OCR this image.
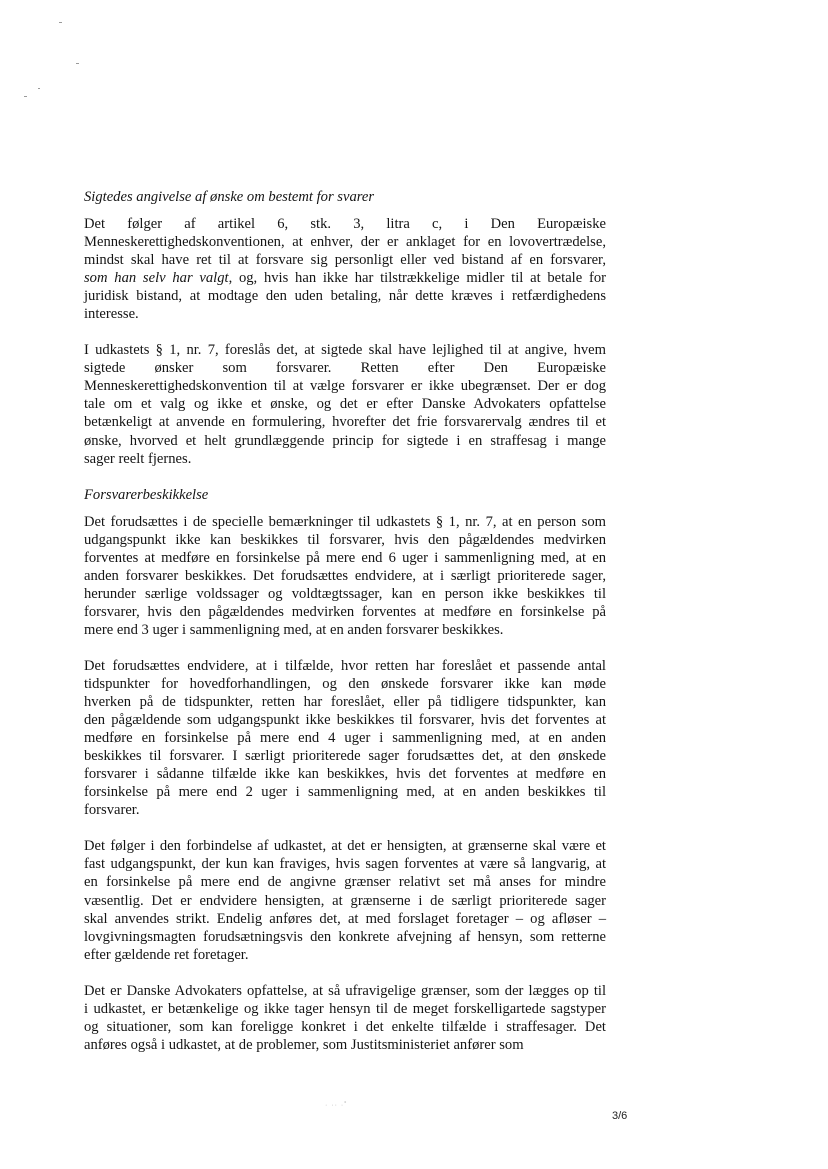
Sigtedes angivelse af ønske om bestemt for svarer
Det følger af artikel 6, stk. 3, litra c, i Den Europæiske
Menneskerettighedskonventionen, at enhver, der er anklaget for en lovovertrædelse,
mindst skal have ret til at forsvare sig personligt eller ved bistand af en forsvarer,
som han selv har valgt, og, hvis han ikke har tilstrækkelige midler til at betale for
juridisk bistand, at modtage den uden betaling, når dette kræves i retfærdighedens
interesse.
I udkastets § 1, nr. 7, foreslås det, at sigtede skal have lejlighed til at angive, hvem
sigtede ønsker som forsvarer. Retten efter Den Europæiske
Menneskerettighedskonvention til at vælge forsvarer er ikke ubegrænset. Der er dog
tale om et valg og ikke et ønske, og det er efter Danske Advokaters opfattelse
betænkeligt at anvende en formulering, hvorefter det frie forsvarervalg ændres til et
ønske, hvorved et helt grundlæggende princip for sigtede i en straffesag i mange
sager reelt fjernes.
Forsvarerbeskikkelse
Det forudsættes i de specielle bemærkninger til udkastets § 1, nr. 7, at en person som
udgangspunkt ikke kan beskikkes til forsvarer, hvis den pågældendes medvirken
forventes at medføre en forsinkelse på mere end 6 uger i sammenligning med, at en
anden forsvarer beskikkes. Det forudsættes endvidere, at i særligt prioriterede sager,
herunder særlige voldssager og voldtægtssager, kan en person ikke beskikkes til
forsvarer, hvis den pågældendes medvirken forventes at medføre en forsinkelse på
mere end 3 uger i sammenligning med, at en anden forsvarer beskikkes.
Det forudsættes endvidere, at i tilfælde, hvor retten har foreslået et passende antal
tidspunkter for hovedforhandlingen, og den ønskede forsvarer ikke kan møde
hverken på de tidspunkter, retten har foreslået, eller på tidligere tidspunkter, kan
den pågældende som udgangspunkt ikke beskikkes til forsvarer, hvis det forventes at
medføre en forsinkelse på mere end 4 uger i sammenligning med, at en anden
beskikkes til forsvarer. I særligt prioriterede sager forudsættes det, at den ønskede
forsvarer i sådanne tilfælde ikke kan beskikkes, hvis det forventes at medføre en
forsinkelse på mere end 2 uger i sammenligning med, at en anden beskikkes til
forsvarer.
Det følger i den forbindelse af udkastet, at det er hensigten, at grænserne skal være et
fast udgangspunkt, der kun kan fraviges, hvis sagen forventes at være så langvarig, at
en forsinkelse på mere end de angivne grænser relativt set må anses for mindre
væsentlig. Det er endvidere hensigten, at grænserne i de særligt prioriterede sager
skal anvendes strikt. Endelig anføres det, at med forslaget foretager – og afløser –
lovgivningsmagten forudsætningsvis den konkrete afvejning af hensyn, som retterne
efter gældende ret foretager.
Det er Danske Advokaters opfattelse, at så ufravigelige grænser, som der lægges op til
i udkastet, er betænkelige og ikke tager hensyn til de meget forskelligartede sagstyper
og situationer, som kan foreligge konkret i det enkelte tilfælde i straffesager. Det
anføres også i udkastet, at de problemer, som Justitsministeriet anfører som
· ·· ·˚
3/6
